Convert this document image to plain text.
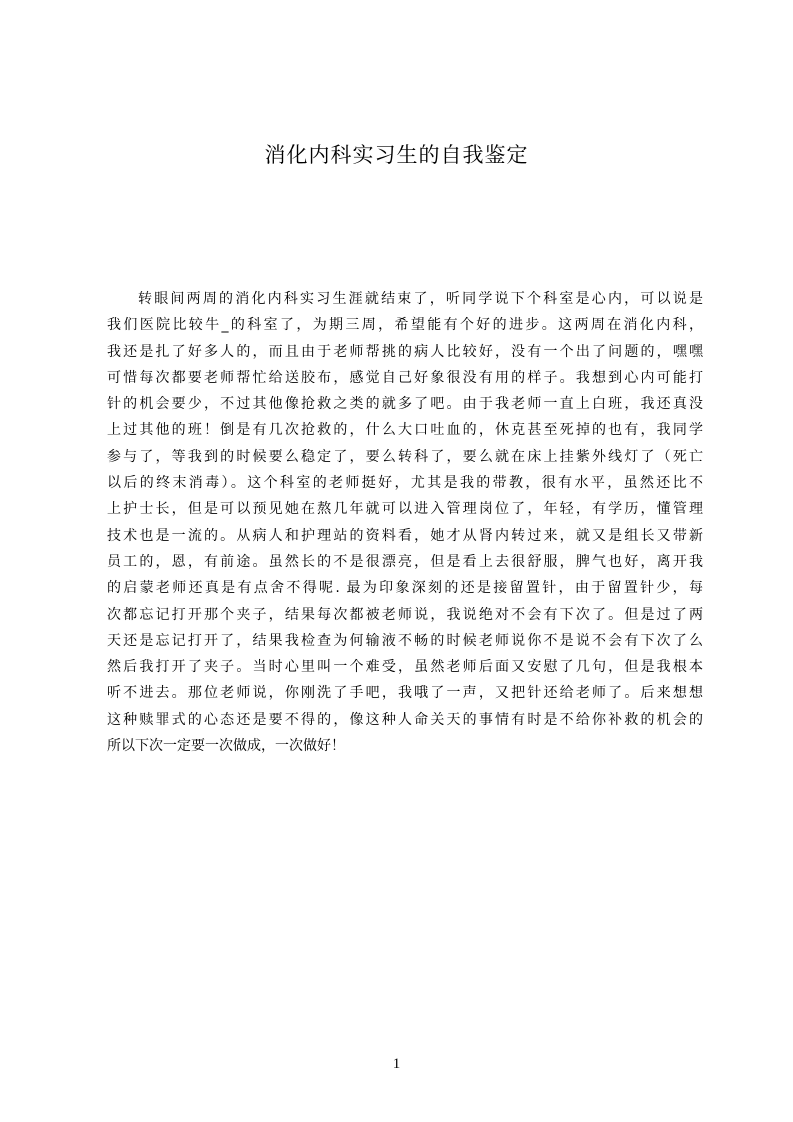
消化内科实习生的自我鉴定
转眼间两周的消化内科实习生涯就结束了，听同学说下个科室是心内，可以说是
我们医院比较牛_的科室了，为期三周，希望能有个好的进步。这两周在消化内科，
我还是扎了好多人的，而且由于老师帮挑的病人比较好，没有一个出了问题的，嘿嘿
可惜每次都要老师帮忙给送胶布，感觉自己好象很没有用的样子。我想到心内可能打
针的机会要少，不过其他像抢救之类的就多了吧。由于我老师一直上白班，我还真没
上过其他的班！倒是有几次抢救的，什么大口吐血的，休克甚至死掉的也有，我同学
参与了，等我到的时候要么稳定了，要么转科了，要么就在床上挂紫外线灯了（死亡
以后的终末消毒）。这个科室的老师挺好，尤其是我的带教，很有水平，虽然还比不
上护士长，但是可以预见她在熬几年就可以进入管理岗位了，年轻，有学历，懂管理
技术也是一流的。从病人和护理站的资料看，她才从肾内转过来，就又是组长又带新
员工的，恩，有前途。虽然长的不是很漂亮，但是看上去很舒服，脾气也好，离开我
的启蒙老师还真是有点舍不得呢. 最为印象深刻的还是接留置针，由于留置针少，每
次都忘记打开那个夹子，结果每次都被老师说，我说绝对不会有下次了。但是过了两
天还是忘记打开了，结果我检查为何输液不畅的时候老师说你不是说不会有下次了么
然后我打开了夹子。当时心里叫一个难受，虽然老师后面又安慰了几句，但是我根本
听不进去。那位老师说，你刚洗了手吧，我哦了一声，又把针还给老师了。后来想想
这种赎罪式的心态还是要不得的，像这种人命关天的事情有时是不给你补救的机会的
所以下次一定要一次做成，一次做好！
1
